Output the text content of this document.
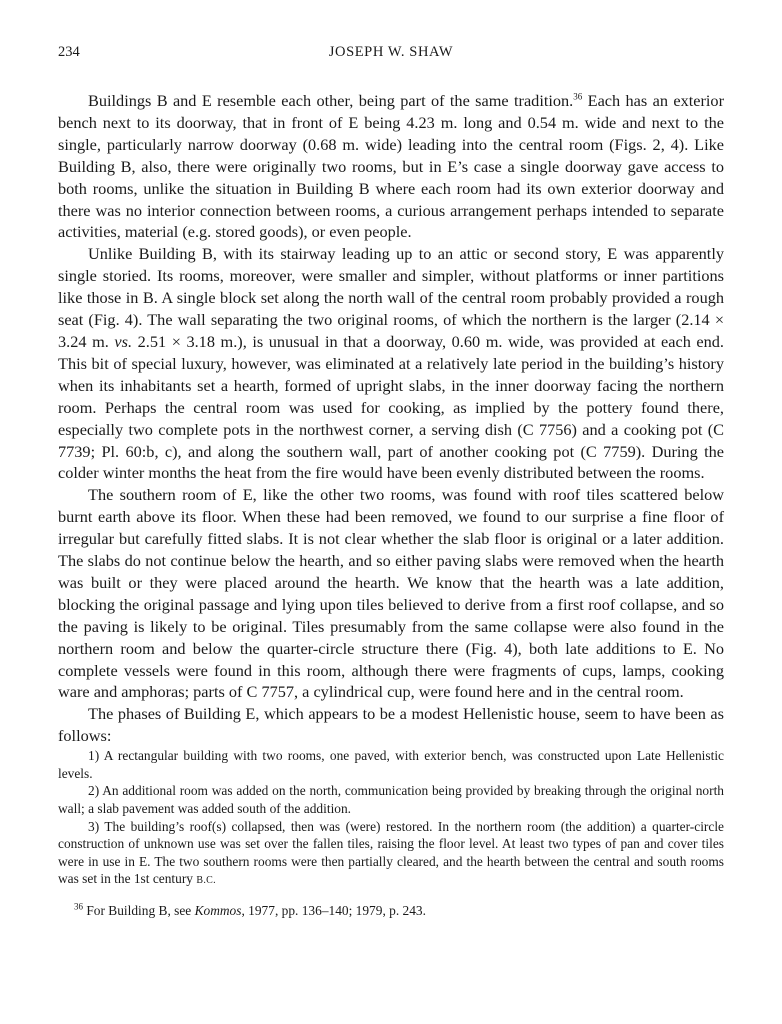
234	JOSEPH W. SHAW

Buildings B and E resemble each other, being part of the same tradition.$^{36}$ Each has an exterior bench next to its doorway, that in front of E being 4.23 m. long and 0.54 m. wide and next to the single, particularly narrow doorway (0.68 m. wide) leading into the central room (Figs. 2, 4). Like Building B, also, there were originally two rooms, but in E’s case a single doorway gave access to both rooms, unlike the situation in Building B where each room had its own exterior doorway and there was no interior connection between rooms, a curious arrangement perhaps intended to separate activities, material (e.g. stored goods), or even people.

Unlike Building B, with its stairway leading up to an attic or second story, E was apparently single storied. Its rooms, moreover, were smaller and simpler, without platforms or inner partitions like those in B. A single block set along the north wall of the central room probably provided a rough seat (Fig. 4). The wall separating the two original rooms, of which the northern is the larger (2.14 × 3.24 m. vs. 2.51 × 3.18 m.), is unusual in that a doorway, 0.60 m. wide, was provided at each end. This bit of special luxury, however, was eliminated at a relatively late period in the building’s history when its inhabitants set a hearth, formed of upright slabs, in the inner doorway facing the northern room. Perhaps the central room was used for cooking, as implied by the pottery found there, especially two complete pots in the northwest corner, a serving dish (C 7756) and a cooking pot (C 7739; Pl. 60:b, c), and along the southern wall, part of another cooking pot (C 7759). During the colder winter months the heat from the fire would have been evenly distributed between the rooms.

The southern room of E, like the other two rooms, was found with roof tiles scattered below burnt earth above its floor. When these had been removed, we found to our surprise a fine floor of irregular but carefully fitted slabs. It is not clear whether the slab floor is original or a later addition. The slabs do not continue below the hearth, and so either paving slabs were removed when the hearth was built or they were placed around the hearth. We know that the hearth was a late addition, blocking the original passage and lying upon tiles believed to derive from a first roof collapse, and so the paving is likely to be original. Tiles presumably from the same collapse were also found in the northern room and below the quarter-circle structure there (Fig. 4), both late additions to E. No complete vessels were found in this room, although there were fragments of cups, lamps, cooking ware and amphoras; parts of C 7757, a cylindrical cup, were found here and in the central room.

The phases of Building E, which appears to be a modest Hellenistic house, seem to have been as follows:

1) A rectangular building with two rooms, one paved, with exterior bench, was constructed upon Late Hellenistic levels.

2) An additional room was added on the north, communication being provided by breaking through the original north wall; a slab pavement was added south of the addition.

3) The building’s roof(s) collapsed, then was (were) restored. In the northern room (the addition) a quarter-circle construction of unknown use was set over the fallen tiles, raising the floor level. At least two types of pan and cover tiles were in use in E. The two southern rooms were then partially cleared, and the hearth between the central and south rooms was set in the 1st century B.C.

$^{36}$ For Building B, see Kommos, 1977, pp. 136–140; 1979, p. 243.
